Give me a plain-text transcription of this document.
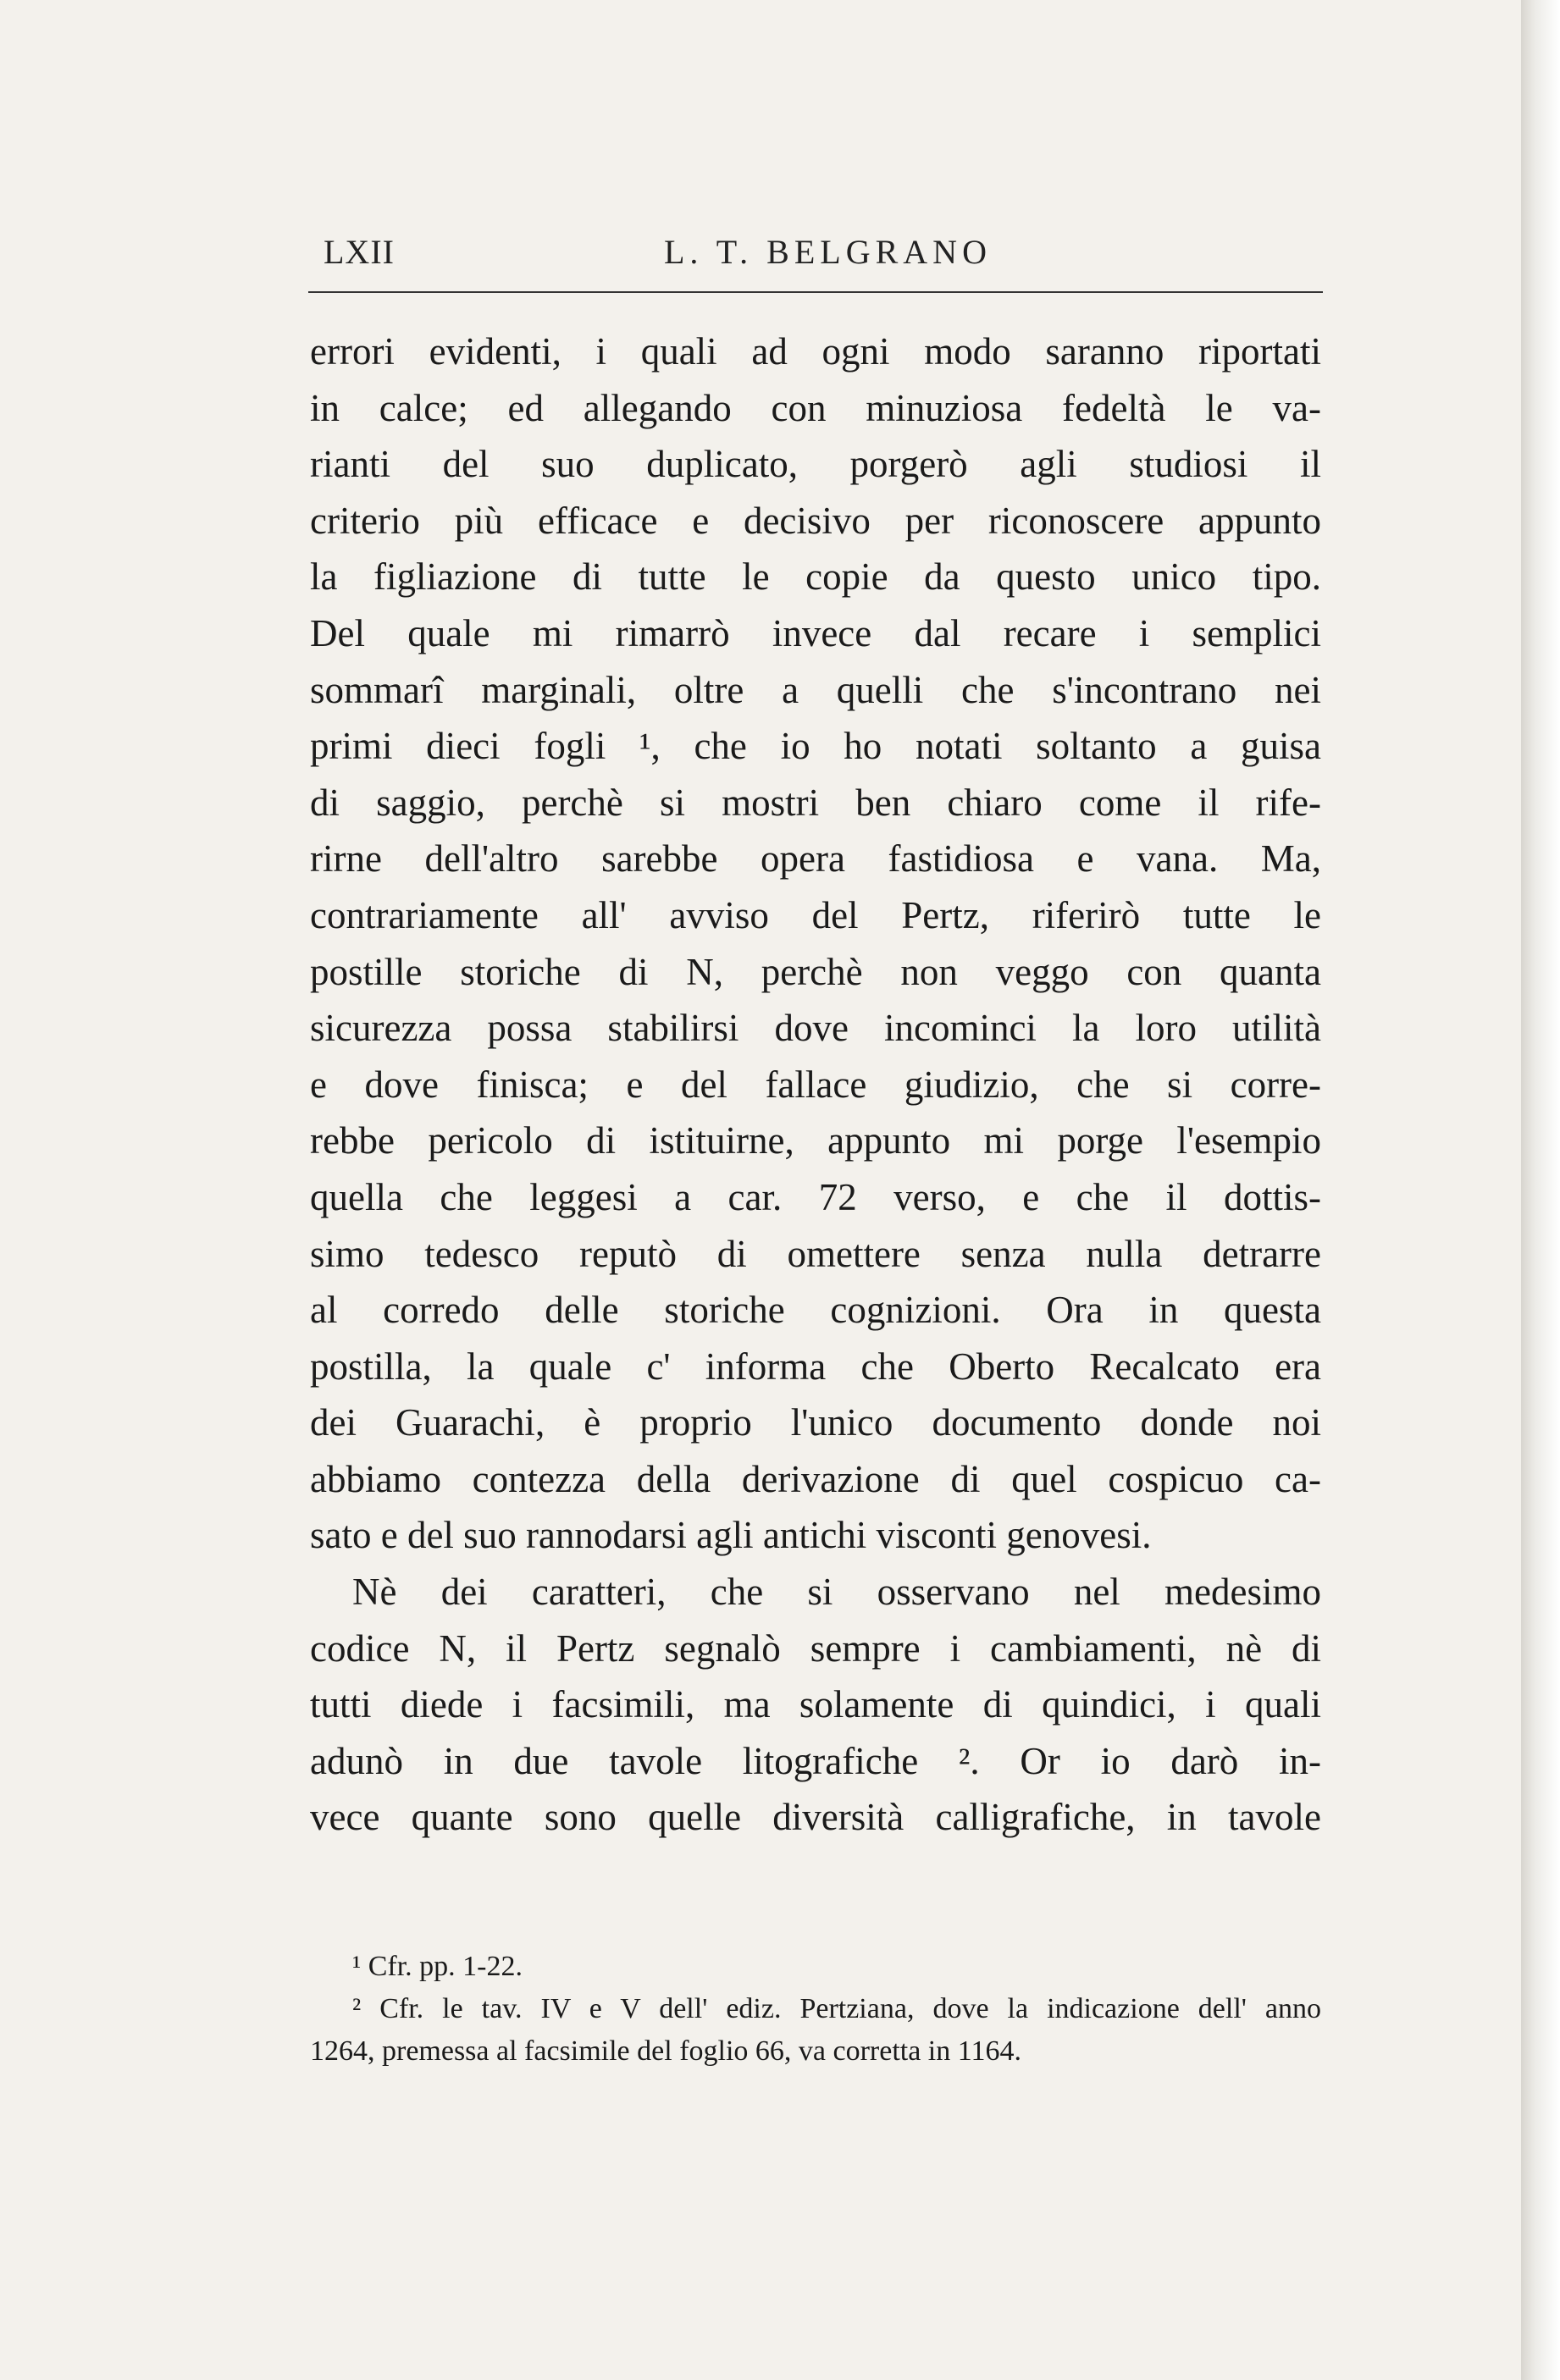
LXII	L. T. BELGRANO
errori evidenti, i quali ad ogni modo saranno riportati
in calce; ed allegando con minuziosa fedeltà le va-
rianti del suo duplicato, porgerò agli studiosi il
criterio più efficace e decisivo per riconoscere appunto
la figliazione di tutte le copie da questo unico tipo.
Del quale mi rimarrò invece dal recare i semplici
sommarî marginali, oltre a quelli che s'incontrano nei
primi dieci fogli ¹, che io ho notati soltanto a guisa
di saggio, perchè si mostri ben chiaro come il rife-
rirne dell'altro sarebbe opera fastidiosa e vana. Ma,
contrariamente all' avviso del Pertz, riferirò tutte le
postille storiche di N, perchè non veggo con quanta
sicurezza possa stabilirsi dove incominci la loro utilità
e dove finisca; e del fallace giudizio, che si corre-
rebbe pericolo di istituirne, appunto mi porge l'esempio
quella che leggesi a car. 72 verso, e che il dottis-
simo tedesco reputò di omettere senza nulla detrarre
al corredo delle storiche cognizioni. Ora in questa
postilla, la quale c' informa che Oberto Recalcato era
dei Guarachi, è proprio l'unico documento donde noi
abbiamo contezza della derivazione di quel cospicuo ca-
sato e del suo rannodarsi agli antichi visconti genovesi.
Nè dei caratteri, che si osservano nel medesimo
codice N, il Pertz segnalò sempre i cambiamenti, nè di
tutti diede i facsimili, ma solamente di quindici, i quali
adunò in due tavole litografiche ². Or io darò in-
vece quante sono quelle diversità calligrafiche, in tavole
¹ Cfr. pp. 1-22.
² Cfr. le tav. IV e V dell' ediz. Pertziana, dove la indicazione dell' anno
1264, premessa al facsimile del foglio 66, va corretta in 1164.
